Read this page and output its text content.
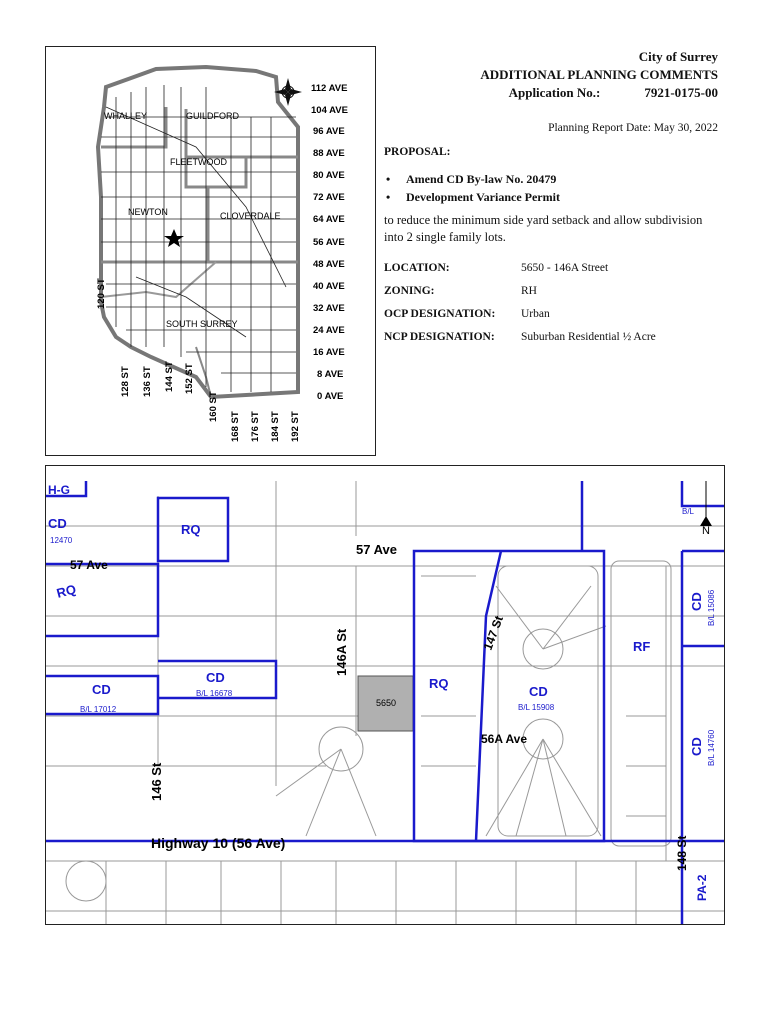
WHALLEY	GUILDFORD
FLEETWOOD
NEWTON	CLOVERDALE
SOUTH SURREY
112 AVE
104 AVE
96 AVE
88 AVE
80 AVE
72 AVE
64 AVE
56 AVE
48 AVE
40 AVE
32 AVE
24 AVE
16 AVE
8 AVE
0 AVE
120 ST
128 ST 136 ST 144 ST 152 ST
160 ST
168 ST 176 ST 184 ST 192 ST
City of Surrey
ADDITIONAL PLANNING COMMENTS
Application No.:	7921-0175-00
Planning Report Date: May 30, 2022
PROPOSAL:
• Amend CD By-law No. 20479
• Development Variance Permit
to reduce the minimum side yard setback and allow subdivision into 2 single family lots.
LOCATION:	5650 - 146A Street
ZONING:	RH
OCP DESIGNATION:	Urban
NCP DESIGNATION:	Suburban Residential ½ Acre
5650
N
57 Ave
57 Ave
146A St	147 St
56A Ave
146 St
Highway 10 (56 Ave)	148 St
H-G
CD	RQ
RQ
RQ
CD
CD
CD
RF
CD
CD
PA-2
12470
B/L 16678
B/L 17012	B/L 15908
B/L 15086
B/L 14760
B/L
